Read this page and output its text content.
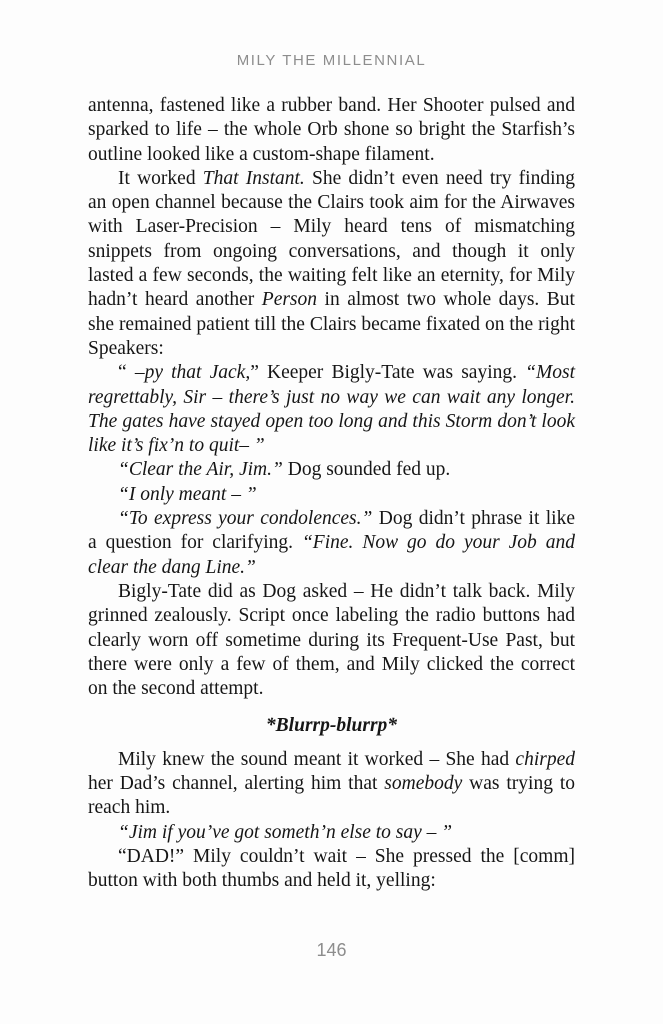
MILY THE MILLENNIAL

antenna, fastened like a rubber band. Her Shooter pulsed and sparked to life – the whole Orb shone so bright the Starfish’s outline looked like a custom-shape filament.

It worked That Instant. She didn’t even need try finding an open channel because the Clairs took aim for the Airwaves with Laser-Precision – Mily heard tens of mismatching snippets from ongoing conversations, and though it only lasted a few seconds, the waiting felt like an eternity, for Mily hadn’t heard another Person in almost two whole days. But she remained patient till the Clairs became fixated on the right Speakers:

“ –py that Jack,” Keeper Bigly-Tate was saying. “Most regrettably, Sir – there’s just no way we can wait any longer. The gates have stayed open too long and this Storm don’t look like it’s fix’n to quit– ”

“Clear the Air, Jim.” Dog sounded fed up.

“I only meant – ”

“To express your condolences.” Dog didn’t phrase it like a question for clarifying. “Fine. Now go do your Job and clear the dang Line.”

Bigly-Tate did as Dog asked – He didn’t talk back. Mily grinned zealously. Script once labeling the radio buttons had clearly worn off sometime during its Frequent-Use Past, but there were only a few of them, and Mily clicked the correct on the second attempt.

*Blurrp-blurrp*

Mily knew the sound meant it worked – She had chirped her Dad’s channel, alerting him that somebody was trying to reach him.

“Jim if you’ve got someth’n else to say – ”

“DAD!” Mily couldn’t wait – She pressed the [comm] button with both thumbs and held it, yelling:

146
